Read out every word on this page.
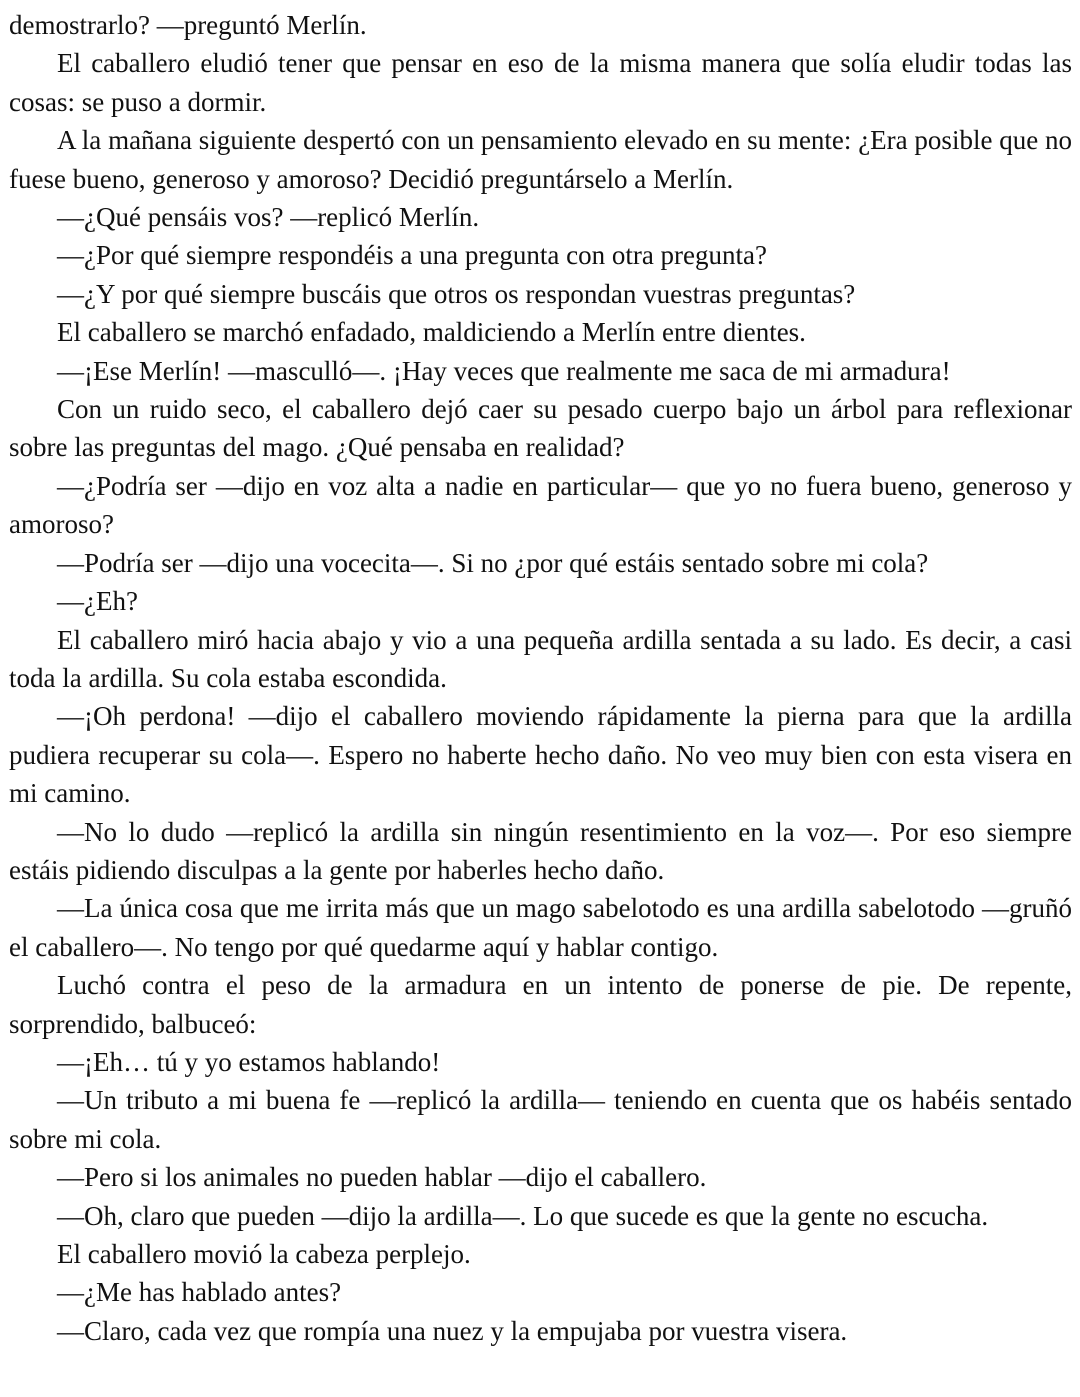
demostrarlo? —preguntó Merlín.

El caballero eludió tener que pensar en eso de la misma manera que solía eludir todas las cosas: se puso a dormir.

A la mañana siguiente despertó con un pensamiento elevado en su mente: ¿Era posible que no fuese bueno, generoso y amoroso? Decidió preguntárselo a Merlín.

—¿Qué pensáis vos? —replicó Merlín.

—¿Por qué siempre respondéis a una pregunta con otra pregunta?

—¿Y por qué siempre buscáis que otros os respondan vuestras preguntas?

El caballero se marchó enfadado, maldiciendo a Merlín entre dientes.

—¡Ese Merlín! —masculló—. ¡Hay veces que realmente me saca de mi armadura!

Con un ruido seco, el caballero dejó caer su pesado cuerpo bajo un árbol para reflexionar sobre las preguntas del mago. ¿Qué pensaba en realidad?

—¿Podría ser —dijo en voz alta a nadie en particular— que yo no fuera bueno, generoso y amoroso?

—Podría ser —dijo una vocecita—. Si no ¿por qué estáis sentado sobre mi cola?

—¿Eh?

El caballero miró hacia abajo y vio a una pequeña ardilla sentada a su lado. Es decir, a casi toda la ardilla. Su cola estaba escondida.

—¡Oh perdona! —dijo el caballero moviendo rápidamente la pierna para que la ardilla pudiera recuperar su cola—. Espero no haberte hecho daño. No veo muy bien con esta visera en mi camino.

—No lo dudo —replicó la ardilla sin ningún resentimiento en la voz—. Por eso siempre estáis pidiendo disculpas a la gente por haberles hecho daño.

—La única cosa que me irrita más que un mago sabelotodo es una ardilla sabelotodo —gruñó el caballero—. No tengo por qué quedarme aquí y hablar contigo.

Luchó contra el peso de la armadura en un intento de ponerse de pie. De repente, sorprendido, balbuceó:

—¡Eh… tú y yo estamos hablando!

—Un tributo a mi buena fe —replicó la ardilla— teniendo en cuenta que os habéis sentado sobre mi cola.

—Pero si los animales no pueden hablar —dijo el caballero.

—Oh, claro que pueden —dijo la ardilla—. Lo que sucede es que la gente no escucha.

El caballero movió la cabeza perplejo.

—¿Me has hablado antes?

—Claro, cada vez que rompía una nuez y la empujaba por vuestra visera.
